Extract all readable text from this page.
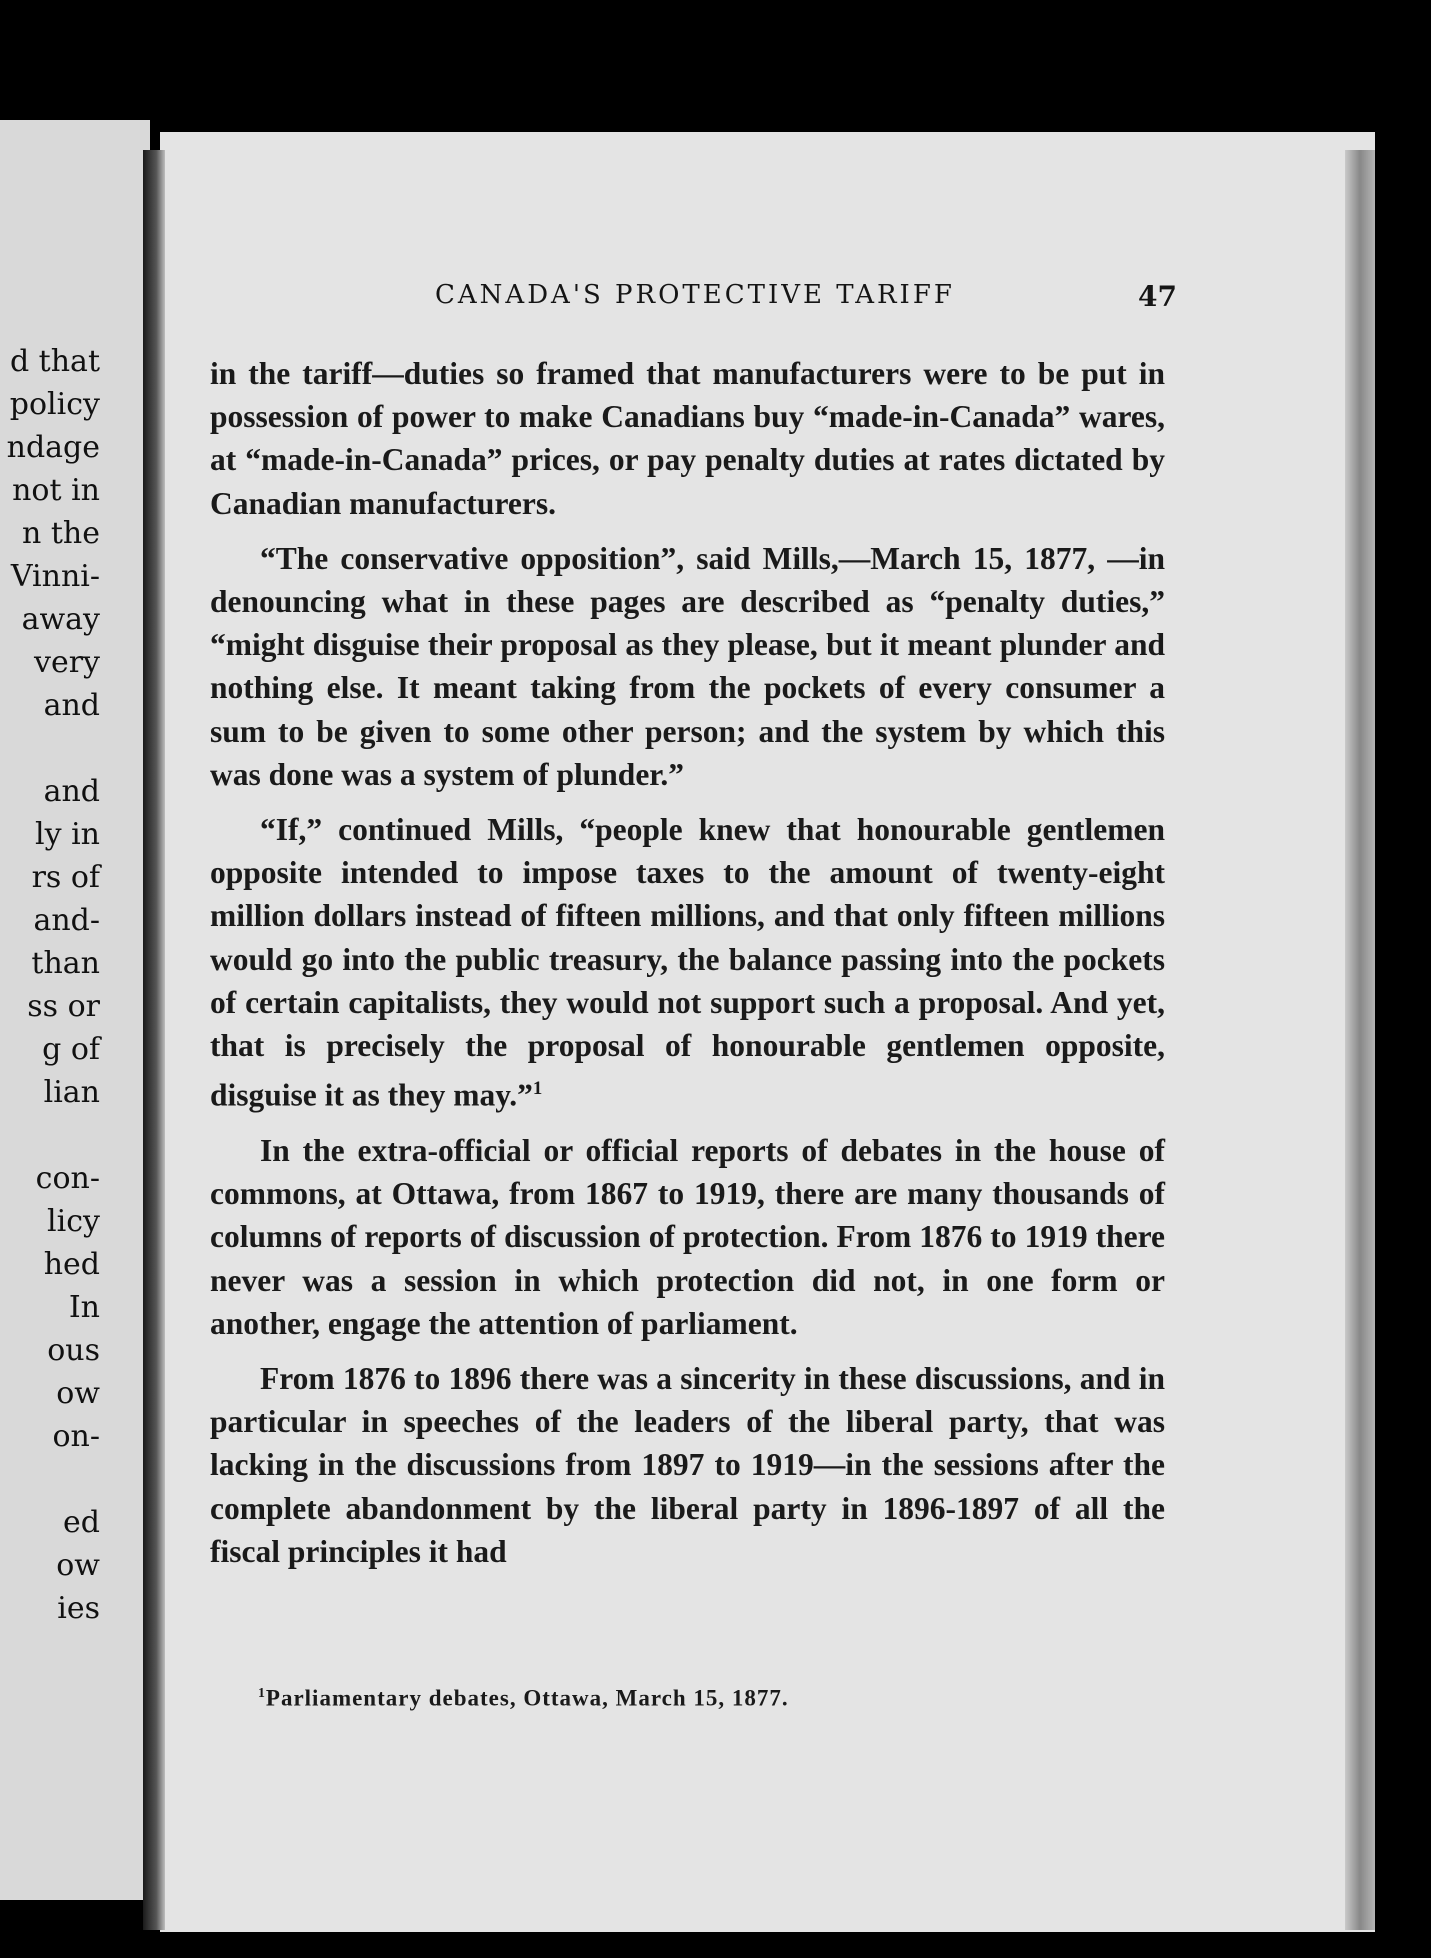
d that
policy
ndage
not in
n the
Vinni-
away
very
and
and
ly in
rs of
and-
than
ss or
g of
lian
con-
licy
hed
In
ous
ow
on-
ed
ow
ies
CANADA'S PROTECTIVE TARIFF	47

in the tariff—duties so framed that manufacturers were to be put in possession of power to make Canadians buy “made-in-Canada” wares, at “made-in-Canada” prices, or pay penalty duties at rates dictated by Canadian manufacturers.

“The conservative opposition”, said Mills,—March 15, 1877, —in denouncing what in these pages are described as “penalty duties,” “might disguise their proposal as they please, but it meant plunder and nothing else. It meant taking from the pockets of every consumer a sum to be given to some other person; and the system by which this was done was a system of plunder.”

“If,” continued Mills, “people knew that honourable gentlemen opposite intended to impose taxes to the amount of twenty-eight million dollars instead of fifteen millions, and that only fifteen millions would go into the public treasury, the balance passing into the pockets of certain capitalists, they would not support such a proposal. And yet, that is precisely the proposal of honourable gentlemen opposite, disguise it as they may.”$^1$

In the extra-official or official reports of debates in the house of commons, at Ottawa, from 1867 to 1919, there are many thousands of columns of reports of discussion of protection. From 1876 to 1919 there never was a session in which protection did not, in one form or another, engage the attention of parliament.

From 1876 to 1896 there was a sincerity in these discussions, and in particular in speeches of the leaders of the liberal party, that was lacking in the discussions from 1897 to 1919—in the sessions after the complete abandonment by the liberal party in 1896-1897 of all the fiscal principles it had

$^1$Parliamentary debates, Ottawa, March 15, 1877.
